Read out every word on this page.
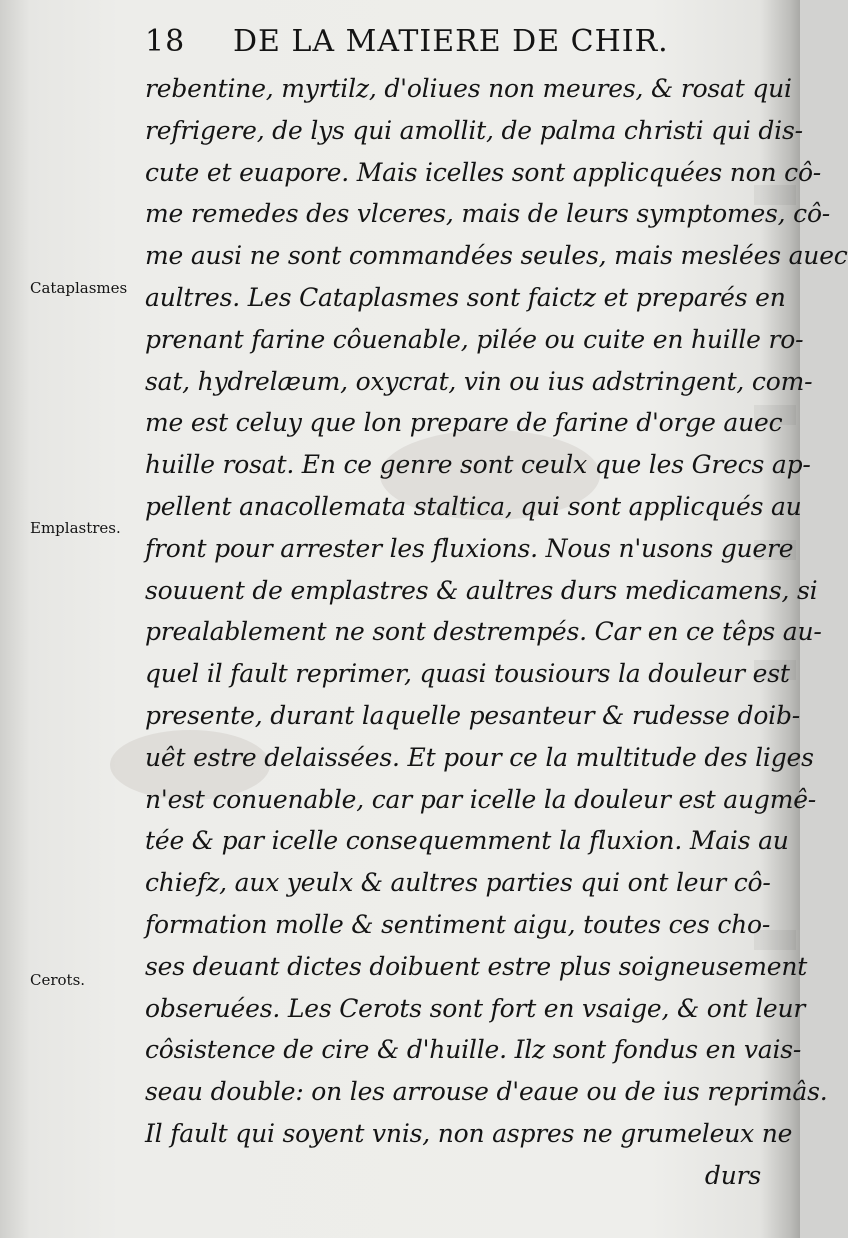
18 DE LA MATIERE DE CHIR.
Cataplasmes
Emplastres.
Cerots.
rebentine, myrtilz, d'oliues non meures, & rosat qui
refrigere, de lys qui amollit, de palma christi qui dis-
cute et euapore. Mais icelles sont applicquées non cô-
me remedes des vlceres, mais de leurs symptomes, cô-
me ausi ne sont commandées seules, mais meslées auec
aultres. Les Cataplasmes sont faictz et preparés en
prenant farine côuenable, pilée ou cuite en huille ro-
sat, hydrelæum, oxycrat, vin ou ius adstringent, com-
me est celuy que lon prepare de farine d'orge auec
huille rosat. En ce genre sont ceulx que les Grecs ap-
pellent anacollemata staltica, qui sont applicqués au
front pour arrester les fluxions. Nous n'usons guere
souuent de emplastres & aultres durs medicamens, si
prealablement ne sont destrempés. Car en ce têps au-
quel il fault reprimer, quasi tousiours la douleur est
presente, durant laquelle pesanteur & rudesse doib-
uêt estre delaissées. Et pour ce la multitude des liges
n'est conuenable, car par icelle la douleur est augmê-
tée & par icelle consequemment la fluxion. Mais au
chiefz, aux yeulx & aultres parties qui ont leur cô-
formation molle & sentiment aigu, toutes ces cho-
ses deuant dictes doibuent estre plus soigneusement
obseruées. Les Cerots sont fort en vsaige, & ont leur
côsistence de cire & d'huille. Ilz sont fondus en vais-
seau double: on les arrouse d'eaue ou de ius reprimâs.
Il fault qui soyent vnis, non aspres ne grumeleux ne
durs
